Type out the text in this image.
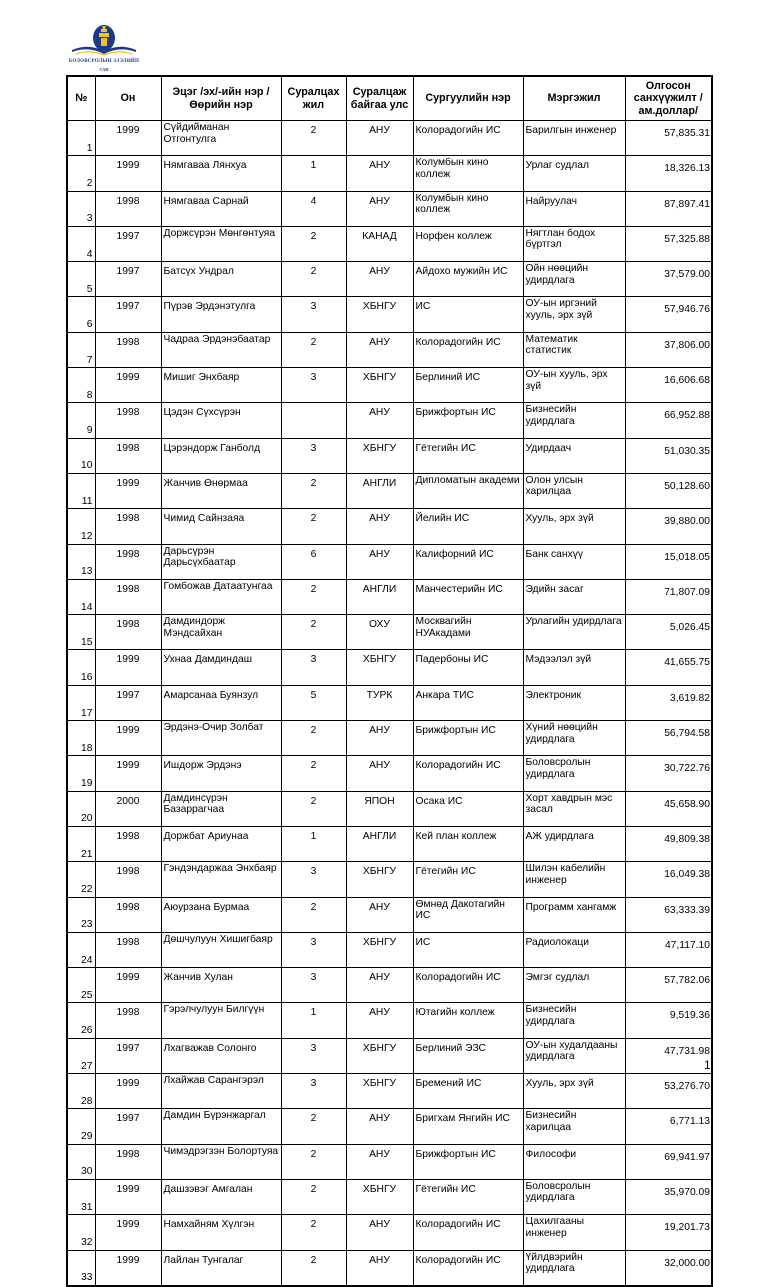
БОЛОВСРОЛЫН ЗЭЭЛИЙН
САН
№	Он	Эцэг /эх/-ийн нэр / Өөрийн нэр	Суралцах жил	Суралцаж байгаа улс	Сургуулийн нэр	Мэргэжил	Олгосон санхүүжилт /ам.доллар/
1	1999	Сүйдийманан Отгонтулга	2	АНУ	Колорадогийн ИС	Барилгын инженер	57,835.31
2	1999	Нямгаваа Лянхуа	1	АНУ	Колумбын кино коллеж	Урлаг судлал	18,326.13
3	1998	Нямгаваа Сарнай	4	АНУ	Колумбын кино коллеж	Найруулач	87,897.41
4	1997	Доржсүрэн Мөнгөнтуяа	2	КАНАД	Норфен коллеж	Нягтлан бодох бүртгэл	57,325.88
5	1997	Батсүх Ундрал	2	АНУ	Айдохо мужийн ИС	Ойн нөөцийн удирдлага	37,579.00
6	1997	Пүрэв Эрдэнэтулга	3	ХБНГУ	ИС	ОУ-ын иргэний хууль, эрх зүй	57,946.76
7	1998	Чадраа Эрдэнэбаатар	2	АНУ	Колорадогийн ИС	Математик статистик	37,806.00
8	1999	Мишиг Энхбаяр	3	ХБНГУ	Берлиний ИС	ОУ-ын хууль, эрх зүй	16,606.68
9	1998	Цэдэн Сүхсүрэн		АНУ	Брижфортын ИС	Бизнесийн удирдлага	66,952.88
10	1998	Цэрэндорж Ганболд	3	ХБНГУ	Гётегийн ИС	Удирдаач	51,030.35
11	1999	Жанчив Өнөрмаа	2	АНГЛИ	Дипломатын академи	Олон улсын харилцаа	50,128.60
12	1998	Чимид Сайнзаяа	2	АНУ	Йелийн ИС	Хууль, эрх зүй	39,880.00
13	1998	Дарьсүрэн Дарьсүхбаатар	6	АНУ	Калифорний ИС	Банк санхүү	15,018.05
14	1998	Гомбожав Датаатунгаа	2	АНГЛИ	Манчестерийн ИС	Эдийн засаг	71,807.09
15	1998	Дамдиндорж Мэндсайхан	2	ОХУ	Москвагийн НУАкадами	Урлагийн удирдлага	5,026.45
16	1999	Ухнаа Дамдиндаш	3	ХБНГУ	Падербоны ИС	Мэдээлэл зүй	41,655.75
17	1997	Амарсанаа Буянзул	5	ТУРК	Анкара ТИС	Электроник	3,619.82
18	1999	Эрдэнэ-Очир Золбат	2	АНУ	Брижфортын ИС	Хүний нөөцийн удирдлага	56,794.58
19	1999	Ишдорж Эрдэнэ	2	АНУ	Колорадогийн ИС	Боловсролын удирдлага	30,722.76
20	2000	Дамдинсүрэн Базаррагчаа	2	ЯПОН	Осака ИС	Хорт хавдрын мэс засал	45,658.90
21	1998	Доржбат Ариунаа	1	АНГЛИ	Кей план коллеж	АЖ удирдлага	49,809.38
22	1998	Гэндэндаржаа Энхбаяр	3	ХБНГУ	Гётегийн ИС	Шилэн кабелийн инженер	16,049.38
23	1998	Аюурзана Бурмаа	2	АНУ	Өмнөд Дакотагийн ИС	Программ хангамж	63,333.39
24	1998	Дөшчулуун Хишигбаяр	3	ХБНГУ	ИС	Радиолокаци	47,117.10
25	1999	Жанчив Хулан	3	АНУ	Колорадогийн ИС	Эмгэг судлал	57,782.06
26	1998	Гэрэлчулуун Билгүүн	1	АНУ	Ютагийн коллеж	Бизнесийн удирдлага	9,519.36
27	1997	Лхагважав Солонго	3	ХБНГУ	Берлиний ЭЗС	ОУ-ын худалдааны удирдлага	47,731.98
28	1999	Лхайжав Сарангэрэл	3	ХБНГУ	Бремений ИС	Хууль, эрх зүй	53,276.70
29	1997	Дамдин Бүрэнжаргал	2	АНУ	Бригхам Янгийн ИС	Бизнесийн харилцаа	6,771.13
30	1998	Чимэдрэгзэн Болортуяа	2	АНУ	Брижфортын ИС	Философи	69,941.97
31	1999	Дашзэвэг Амгалан	2	ХБНГУ	Гётегийн ИС	Боловсролын удирдлага	35,970.09
32	1999	Намхайням Хүлгэн	2	АНУ	Колорадогийн ИС	Цахилгааны инженер	19,201.73
33	1999	Лайлан Тунгалаг	2	АНУ	Колорадогийн ИС	Үйлдвэрийн удирдлага	32,000.00
1
